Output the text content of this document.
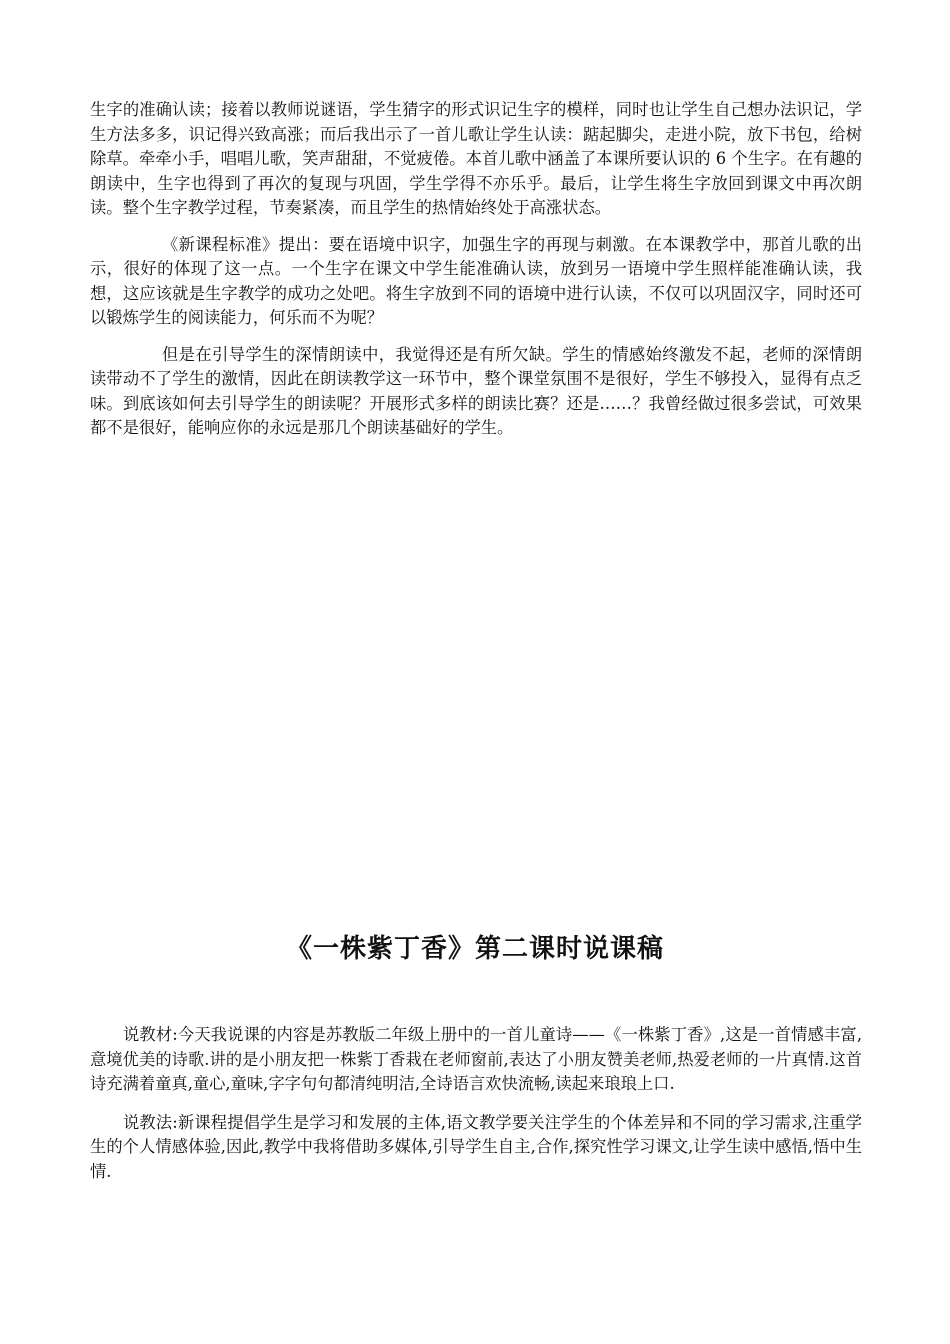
生字的准确认读；接着以教师说谜语，学生猜字的形式识记生字的模样，同时也让学生自己想办法识记，学生方法多多，识记得兴致高涨；而后我出示了一首儿歌让学生认读：踮起脚尖，走进小院，放下书包，给树除草。牵牵小手，唱唱儿歌，笑声甜甜，不觉疲倦。本首儿歌中涵盖了本课所要认识的 6 个生字。在有趣的朗读中，生字也得到了再次的复现与巩固，学生学得不亦乐乎。最后，让学生将生字放回到课文中再次朗读。整个生字教学过程，节奏紧凑，而且学生的热情始终处于高涨状态。

《新课程标准》提出：要在语境中识字，加强生字的再现与刺激。在本课教学中，那首儿歌的出示，很好的体现了这一点。一个生字在课文中学生能准确认读，放到另一语境中学生照样能准确认读，我想，这应该就是生字教学的成功之处吧。将生字放到不同的语境中进行认读，不仅可以巩固汉字，同时还可以锻炼学生的阅读能力，何乐而不为呢？

但是在引导学生的深情朗读中，我觉得还是有所欠缺。学生的情感始终激发不起，老师的深情朗读带动不了学生的激情，因此在朗读教学这一环节中，整个课堂氛围不是很好，学生不够投入，显得有点乏味。到底该如何去引导学生的朗读呢？开展形式多样的朗读比赛？还是……？我曾经做过很多尝试，可效果都不是很好，能响应你的永远是那几个朗读基础好的学生。

《一株紫丁香》第二课时说课稿

说教材:今天我说课的内容是苏教版二年级上册中的一首儿童诗——《一株紫丁香》,这是一首情感丰富,意境优美的诗歌.讲的是小朋友把一株紫丁香栽在老师窗前,表达了小朋友赞美老师,热爱老师的一片真情.这首诗充满着童真,童心,童味,字字句句都清纯明洁,全诗语言欢快流畅,读起来琅琅上口.

说教法:新课程提倡学生是学习和发展的主体,语文教学要关注学生的个体差异和不同的学习需求,注重学生的个人情感体验,因此,教学中我将借助多媒体,引导学生自主,合作,探究性学习课文,让学生读中感悟,悟中生情.
